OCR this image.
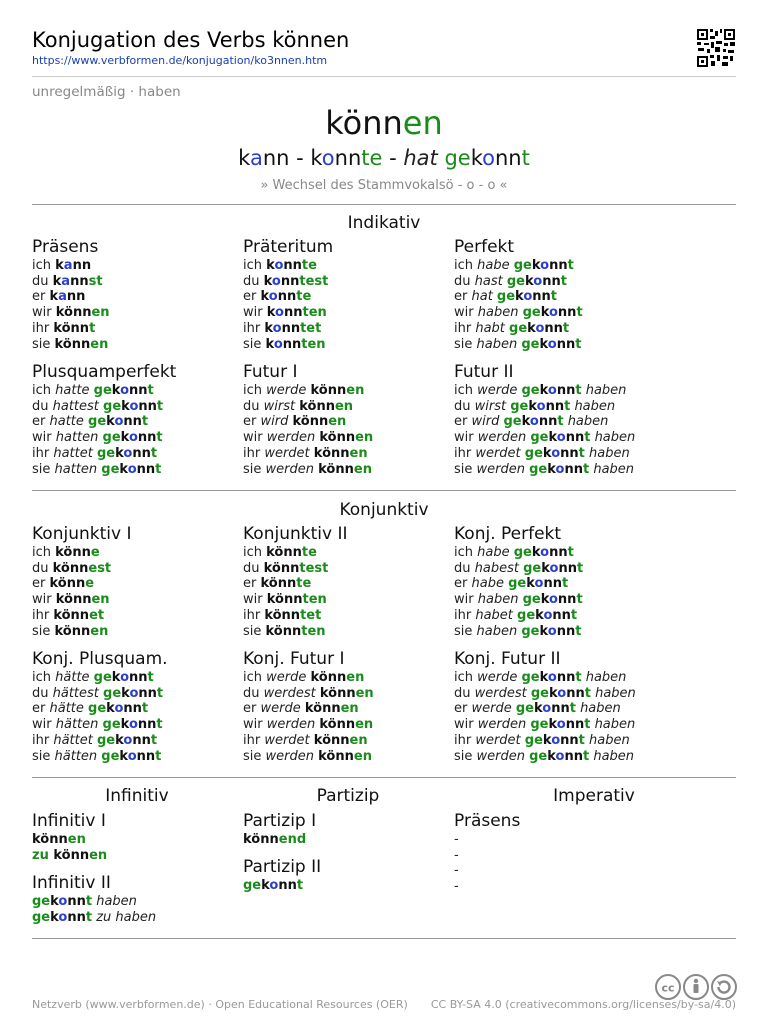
Konjugation des Verbs können
https://www.verbformen.de/konjugation/ko3nnen.htm
unregelmäßig · haben
können
kann - konnte - hat gekonnt
» Wechsel des Stammvokalsö - o - o «
Indikativ
Präsens
ich kann
du kannst
er kann
wir können
ihr könnt
sie können
Präteritum
ich konnte
du konntest
er konnte
wir konnten
ihr konntet
sie konnten
Perfekt
ich habe gekonnt
du hast gekonnt
er hat gekonnt
wir haben gekonnt
ihr habt gekonnt
sie haben gekonnt
Plusquamperfekt
ich hatte gekonnt
du hattest gekonnt
er hatte gekonnt
wir hatten gekonnt
ihr hattet gekonnt
sie hatten gekonnt
Futur I
ich werde können
du wirst können
er wird können
wir werden können
ihr werdet können
sie werden können
Futur II
ich werde gekonnt haben
du wirst gekonnt haben
er wird gekonnt haben
wir werden gekonnt haben
ihr werdet gekonnt haben
sie werden gekonnt haben
Konjunktiv
Konjunktiv I
ich könne
du könnest
er könne
wir können
ihr könnet
sie können
Konjunktiv II
ich könnte
du könntest
er könnte
wir könnten
ihr könntet
sie könnten
Konj. Perfekt
ich habe gekonnt
du habest gekonnt
er habe gekonnt
wir haben gekonnt
ihr habet gekonnt
sie haben gekonnt
Konj. Plusquam.
ich hätte gekonnt
du hättest gekonnt
er hätte gekonnt
wir hätten gekonnt
ihr hättet gekonnt
sie hätten gekonnt
Konj. Futur I
ich werde können
du werdest können
er werde können
wir werden können
ihr werdet können
sie werden können
Konj. Futur II
ich werde gekonnt haben
du werdest gekonnt haben
er werde gekonnt haben
wir werden gekonnt haben
ihr werdet gekonnt haben
sie werden gekonnt haben
Infinitiv	Partizip	Imperativ
Infinitiv I
können
zu können
Infinitiv II
gekonnt haben
gekonnt zu haben
Partizip I
könnend
Partizip II
gekonnt
Präsens
-
-
-
-
cc
Netzverb (www.verbformen.de) · Open Educational Resources (OER) CC BY-SA 4.0 (creativecommons.org/licenses/by-sa/4.0)
